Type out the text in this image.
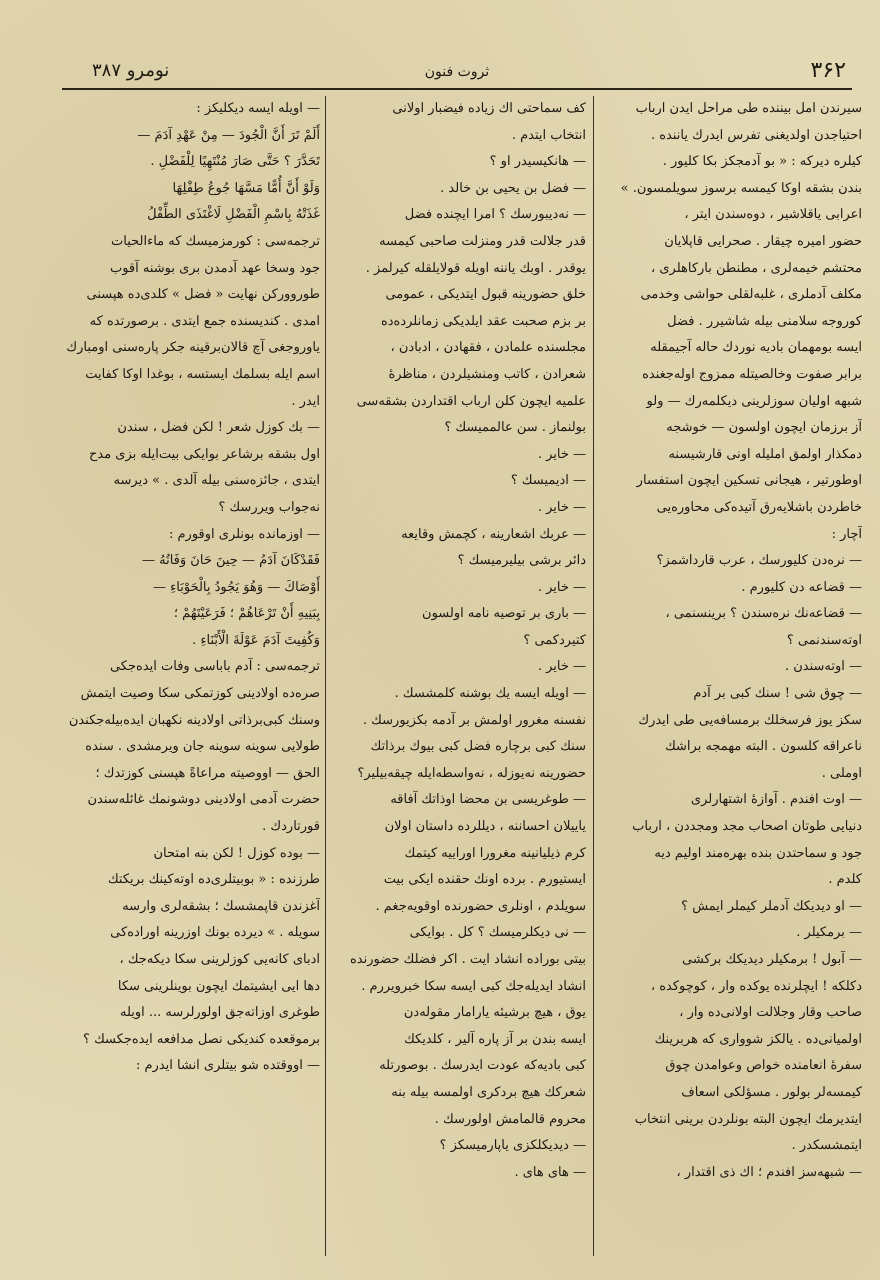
نومرو ۳۸۷	ثروت فنون	۳۶۲

سیرندن امل بیننده طی مراحل ایدن ارباب

احتیاجدن اولدیغنی تفرس ایدرك یاننده .

کیلره دیرکه : « بو آدمجکز بکا کلیور .

بندن بشقه اوکا کیمسه برسوز سویلمسون. »

اعرابی یاقلاشیر ، دوه‌سندن ایتر ،

حضور امیره چیقار . صحرایی قاپلایان

محتشم خیمه‌لری ، مطنطن بارکاهلری ،

مکلف آدملری ، غلبه‌لقلی حواشی وخدمی

کوروجه سلامنی بیله شاشیرر . فضل

ایسه بومهمان بادیه نوردك حاله آجیمقله

برابر صفوت وخالصیتله ممزوج اوله‌جغنده

شبهه اولیان سوزلرینی دیکلمه‌رك — ولو

آز برزمان ایچون اولسون — خوشجه

دمکذار اولمق املیله اونی قارشیسنه

اوطورتیر ، هیجانی تسکین ایچون استفسار

خاطردن باشلایه‌رق آتیده‌کی محاوره‌یی

آچار :

— نره‌دن کلیورسك ، عرب قارداشمز؟

— قضاعه دن کلیورم .

— قضاعه‌نك نره‌سندن ؟ برینسنمی ،

اوته‌سندنمی ؟

— اوته‌سندن .

— چوق شی ! سنك کبی بر آدم

سکز یوز فرسخلك برمسافه‌یی طی ایدرك

ناعراقه کلسون . البته مهمجه براشك

اوملی .

— اوت افندم . آوازهٔ اشتهارلری

دنیایی طوتان اصحاب مجد ومجددن ، ارباب

جود و سماحتدن بنده بهره‌مند اولیم دیه

کلدم .

— او دیدیکك آدملر کیملر ایمش ؟

— برمکیلر .

— آبول ! برمکیلر دیدیکك برکشی

دکلکه ! ایچلرنده یوکده وار ، کوچوکده ،

صاحب وقار وجلالت اولانی‌ده وار ،

اولمیانی‌ده . یالکز شوواری که هربرینك

سفرهٔ انعامنده خواص وعوامدن چوق

کیمسه‌لر بولور . مسؤلکی اسعاف

ایتدیرمك ایچون البته بونلردن برینی انتخاب

ایتمشسکدر .

— شبهه‌سز افندم ؛ اك ذی اقتدار ،

کف سماحتی اك زیاده فیضبار اولانی

انتخاب ایتدم .

— هانکیسیدر او ؟

— فضل بن یحیی بن خالد .

— نه‌دیبورسك ؟ امرا ایچنده فضل

قدر جلالت قدر ومنزلت صاحبی کیمسه

یوقدر . اوبك یاننه اویله قولایلقله کیرلمز .

خلق حضورینه قبول ایتدیکی ، عمومی

بر بزم صحبت عقد ایلدیکی زمانلرده‌ده

مجلسنده علمادن ، فقهادن ، ادبادن ،

شعرادن ، کاتب ومنشیلردن ، مناظرهٔ

علمیه ایچون کلن ارباب اقتداردن بشقه‌سی

بولنماز . سن عالممیسك ؟

— خایر .

— ادیمیسك ؟

— خایر .

— عربك اشعارینه ، کچمش وقایعه

دائر برشی بیلیرمیسك ؟

— خایر .

— باری بر توصیه نامه اولسون

کتیردکمی ؟

— خایر .

— اویله ایسه یك بوشنه کلمشسك .

نفسنه مغرور اولمش بر آدمه بکزیورسك .

سنك کبی برچاره فضل کبی بیوك برذاتك

حضورینه نه‌یوزله ، نه‌واسطه‌ایله چیقه‌بیلیر؟

— طوغریسی بن محضا اوذاتك آفاقه

یاییلان احساننه ، دیللرده داستان اولان

کرم ذیلیانینه مغرورا اوراییه کیتمك

ایستیورم . برده اونك حقنده ایکی بیت

سویلدم ، اونلری حضورنده اوقویه‌جغم .

— نی دیکلرمیسك ؟ کل . بوایکی

بیتی بوراده انشاد ایت . اکر فضلك حضورنده

انشاد ایدیله‌جك کبی ایسه سکا خبرویررم .

یوق ، هیچ برشیئه یارامار مقوله‌دن

ایسه بندن بر آز پاره آلیر ، کلدیکك

کبی بادیه‌که عودت ایدرسك . بوصورتله

شعرکك هیچ بردکری اولمسه بیله بنه

محروم قالمامش اولورسك .

— دیدیکلکزی یاپارمیسکز ؟

— های های .

— اویله ایسه دیکلیکز :

أَلَمْ تَرَ أَنَّ الْجُودَ — مِنْ عَهْدِ آدَمَ —

تَحَدَّرَ ؟ حَتَّى صَارَ مُنْتَهِيًا لِلْفَضْلِ .

وَلَوْ أَنَّ أُمًّا مَسَّهَا جُوعُ طِفْلِهَا

غَذَتْهُ بِاسْمِ الْفَضْلِ لَاغْتَذَى الطِّفْلُ

ترجمه‌سی : کورمزمیسك که ماءالحیات

جود وسخا عهد آدمدن بری بوشنه آقوب

طوروورکن نهایت « فضل » کلدی‌ده هپسنی

امدی . کندیسنده جمع ایتدی . برصورتده که

یاوروجغی آچ قالان‌برقینه جکر پاره‌سنی اومبارك

اسم ایله بسلمك ایستسه ، بوغدا اوکا کفایت

ایدر .

— بك کوزل شعر ! لکن فضل ، سندن

اول بشقه برشاعر بوایکی بیت‌ایله بزی مدح

ایتدی ، جائزه‌سنی بیله آلدی . » دیرسه

نه‌جواب ویررسك ؟

— اوزمانده بونلری اوقورم :

فَقَدْكَانَ آدَمُ — حِينَ حَانَ وَفَاتُهُ —

أَوْصَاكَ — وَهُوَ يَجُودُ بِالْحَوْبَاءِ —

بِبَنِيهِ أَنْ تَرْعَاهُمْ ؛ فَرَعَيْتَهُمْ ؛

وَكُفِيتَ آدَمَ عَوْلَةَ الْأَبْنَاءِ .

ترجمه‌سی : آدم باباسی وفات ایده‌جکی

صره‌ده اولادینی کوزتمکی سکا وصیت ایتمش

وسنك کبی‌برذاتی اولادینه نکهبان ایده‌بیله‌جکندن

طولایی سوینه سوینه جان ویرمشدی . سنده

الحق — اووصیته مراعاةً هپسنی کوزتدك ؛

حضرت آدمی اولادینی دوشونمك غائله‌سندن

قورتاردك .

— بوده کوزل ! لکن بنه امتحان

طرزنده : « بوبیتلری‌ده اوته‌کینك بریکتك

آغزندن قاپمشسك ؛ بشقه‌لری وارسه

سویله . » دیرده بونك اوزرینه اوراده‌کی

ادبای کانه‌یی کوزلرینی سکا دیکه‌جك ،

دها ایی ایشیتمك ایچون بوینلرینی سکا

طوغری اوزاته‌جق اولورلرسه ... اویله

برموقعده کندیکی نصل مدافعه ایده‌جکسك ؟

— اووقتده شو بیتلری انشا ایدرم :
